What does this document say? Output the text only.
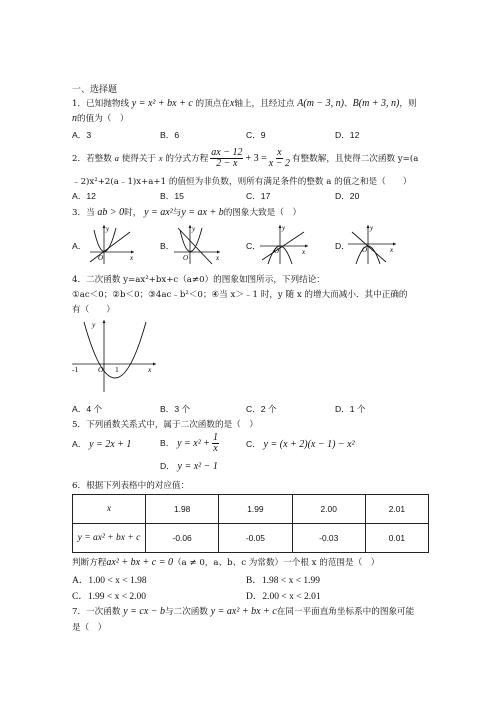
一、选择题
1．已知抛物线 y = x² + bx + c 的顶点在x轴上，且经过点 A(m − 3, n)、B(m + 3, n)，则
n的值为（　）
A．3	B．6	C．9	D．12
2．若整数 a 使得关于 x 的分式方程 $\frac{ax - 12}{2 - x} + 3 = \frac{x}{x - 2}$ 有整数解，且使得二次函数 y=(a
﹣2)x²+2(a﹣1)x+a+1 的值恒为非负数，则所有满足条件的整数 a 的值之和是（　　）
A．12	B．15	C．17	D．20
3．当 ab > 0时， y = ax²与y = ax + b的图象大致是（　）
A．	B．	C．	D．
y
x
O
y
x
O
y
x
O
y
x
O
4．二次函数 y=ax²+bx+c（a≠0）的图象如图所示，下列结论：
①ac＜0；②b＜0；③4ac﹣b²＜0；④当 x＞﹣1 时，y 随 x 的增大而减小．其中正确的
有（　　）
-1	O 1	x
y
A．4 个	B．3 个	C．2 个	D．1 个
5．下列函数关系式中，属于二次函数的是（　）
A． y = 2x + 1	B． $y = x^2 + \frac{1}{x}$	C． y = (x + 2)(x − 1) − x²
D． y = x² − 1
6．根据下列表格中的对应值：
x	1.98	1.99	2.00	2.01
y = ax² + bx + c	-0.06	-0.05	-0.03	0.01
判断方程ax² + bx + c = 0（a ≠ 0，a、b、c 为常数）一个根 x 的范围是（　）
A．1.00 < x < 1.98	B．1.98 < x < 1.99
C．1.99 < x < 2.00	D．2.00 < x < 2.01
7．一次函数 y = cx − b与二次函数 y = ax² + bx + c在同一平面直角坐标系中的图象可能
是（　）
